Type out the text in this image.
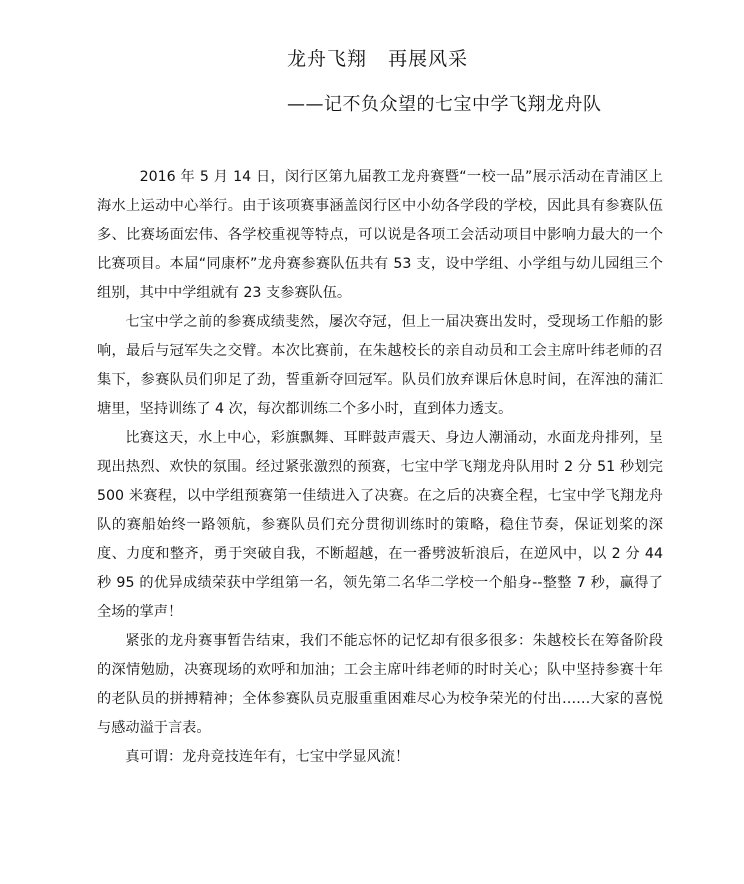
龙舟飞翔   再展风采
——记不负众望的七宝中学飞翔龙舟队

2016 年 5 月 14 日，闵行区第九届教工龙舟赛暨“一校一品”展示活动在青浦区上海水上运动中心举行。由于该项赛事涵盖闵行区中小幼各学段的学校，因此具有参赛队伍多、比赛场面宏伟、各学校重视等特点，可以说是各项工会活动项目中影响力最大的一个比赛项目。本届“同康杯”龙舟赛参赛队伍共有 53 支，设中学组、小学组与幼儿园组三个组别，其中中学组就有 23 支参赛队伍。

七宝中学之前的参赛成绩斐然，屡次夺冠，但上一届决赛出发时，受现场工作船的影响，最后与冠军失之交臂。本次比赛前，在朱越校长的亲自动员和工会主席叶纬老师的召集下，参赛队员们卯足了劲，誓重新夺回冠军。队员们放弃课后休息时间，在浑浊的蒲汇塘里，坚持训练了 4 次，每次都训练二个多小时，直到体力透支。

比赛这天，水上中心，彩旗飘舞、耳畔鼓声震天、身边人潮涌动，水面龙舟排列，呈现出热烈、欢快的氛围。经过紧张激烈的预赛，七宝中学飞翔龙舟队用时 2 分 51 秒划完 500 米赛程，以中学组预赛第一佳绩进入了决赛。在之后的决赛全程，七宝中学飞翔龙舟队的赛船始终一路领航，参赛队员们充分贯彻训练时的策略，稳住节奏，保证划桨的深度、力度和整齐，勇于突破自我，不断超越，在一番劈波斩浪后，在逆风中，以 2 分 44 秒 95 的优异成绩荣获中学组第一名，领先第二名华二学校一个船身--整整 7 秒，赢得了全场的掌声！

紧张的龙舟赛事暂告结束，我们不能忘怀的记忆却有很多很多：朱越校长在筹备阶段的深情勉励，决赛现场的欢呼和加油；工会主席叶纬老师的时时关心；队中坚持参赛十年的老队员的拼搏精神；全体参赛队员克服重重困难尽心为校争荣光的付出……大家的喜悦与感动溢于言表。

真可谓：龙舟竞技连年有，七宝中学显风流！
